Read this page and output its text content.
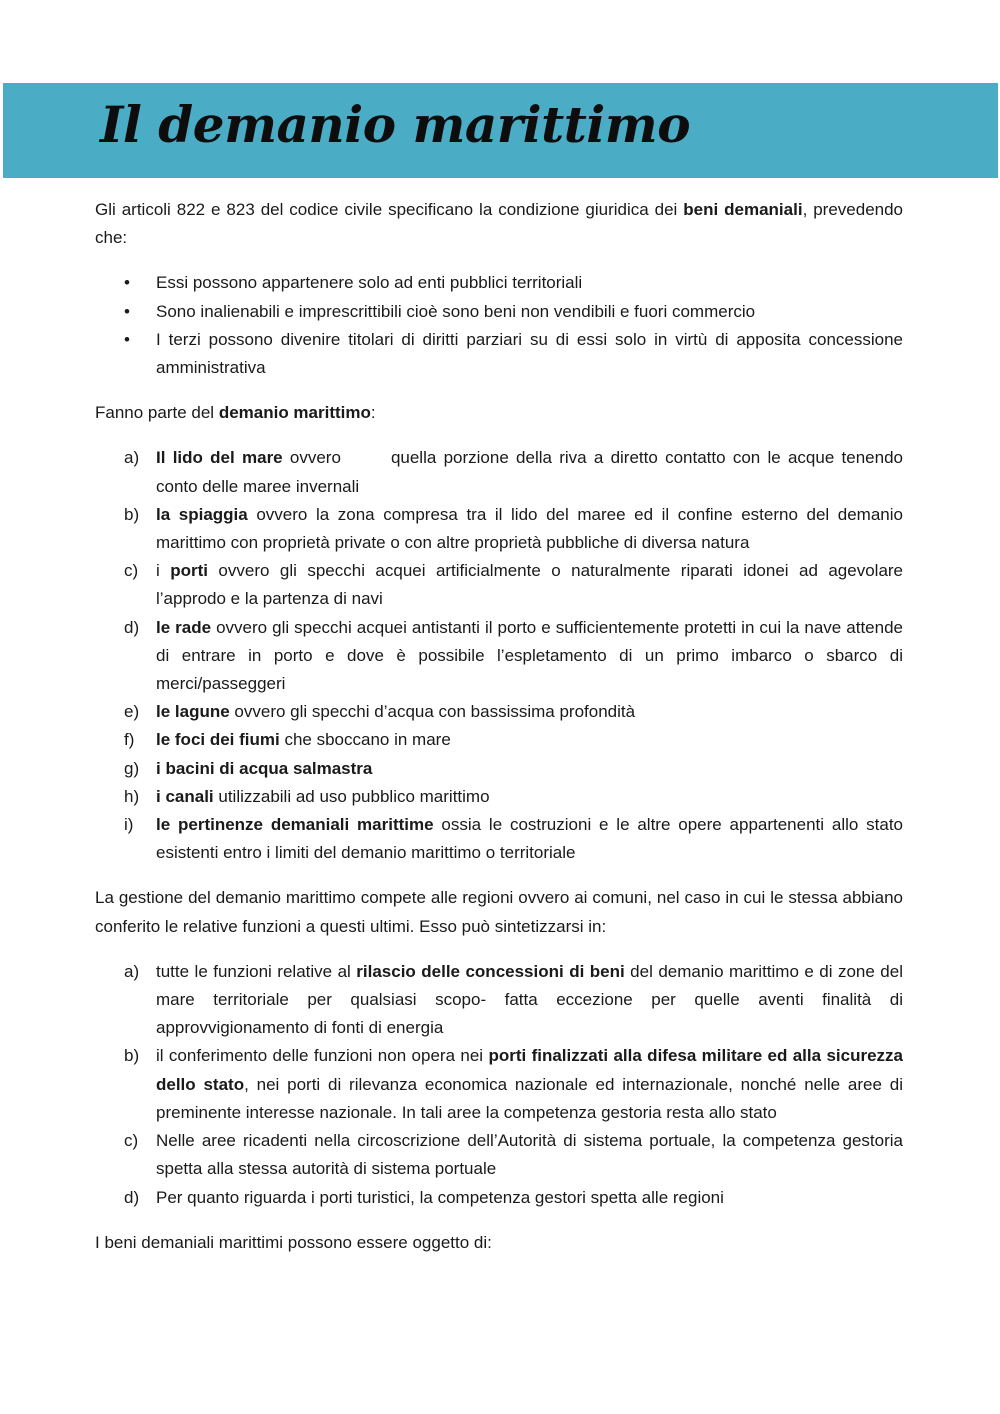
Il demanio marittimo

Gli articoli 822 e 823 del codice civile specificano la condizione giuridica dei beni demaniali, prevedendo che:

• Essi possono appartenere solo ad enti pubblici territoriali
• Sono inalienabili e imprescrittibili cioè sono beni non vendibili e fuori commercio
• I terzi possono divenire titolari di diritti parziari su di essi solo in virtù di apposita concessione amministrativa

Fanno parte del demanio marittimo:

a) Il lido del mare ovvero	quella porzione della riva a diretto contatto con le acque tenendo conto delle maree invernali
b) la spiaggia ovvero la zona compresa tra il lido del maree ed il confine esterno del demanio marittimo con proprietà private o con altre proprietà pubbliche di diversa natura
c) i porti ovvero gli specchi acquei artificialmente o naturalmente riparati idonei ad agevolare l’approdo e la partenza di navi
d) le rade ovvero gli specchi acquei antistanti il porto e sufficientemente protetti in cui la nave attende di entrare in porto e dove è possibile l’espletamento di un primo imbarco o sbarco di merci/passeggeri
e) le lagune ovvero gli specchi d’acqua con bassissima profondità
f) le foci dei fiumi che sboccano in mare
g) i bacini di acqua salmastra
h) i canali utilizzabili ad uso pubblico marittimo
i) le pertinenze demaniali marittime ossia le costruzioni e le altre opere appartenenti allo stato esistenti entro i limiti del demanio marittimo o territoriale

La gestione del demanio marittimo compete alle regioni ovvero ai comuni, nel caso in cui le stessa abbiano conferito le relative funzioni a questi ultimi. Esso può sintetizzarsi in:

a) tutte le funzioni relative al rilascio delle concessioni di beni del demanio marittimo e di zone del mare territoriale per qualsiasi scopo- fatta eccezione per quelle aventi finalità di approvvigionamento di fonti di energia
b) il conferimento delle funzioni non opera nei porti finalizzati alla difesa militare ed alla sicurezza dello stato, nei porti di rilevanza economica nazionale ed internazionale, nonché nelle aree di preminente interesse nazionale. In tali aree la competenza gestoria resta allo stato
c) Nelle aree ricadenti nella circoscrizione dell’Autorità di sistema portuale, la competenza gestoria spetta alla stessa autorità di sistema portuale
d) Per quanto riguarda i porti turistici, la competenza gestori spetta alle regioni

I beni demaniali marittimi possono essere oggetto di:
